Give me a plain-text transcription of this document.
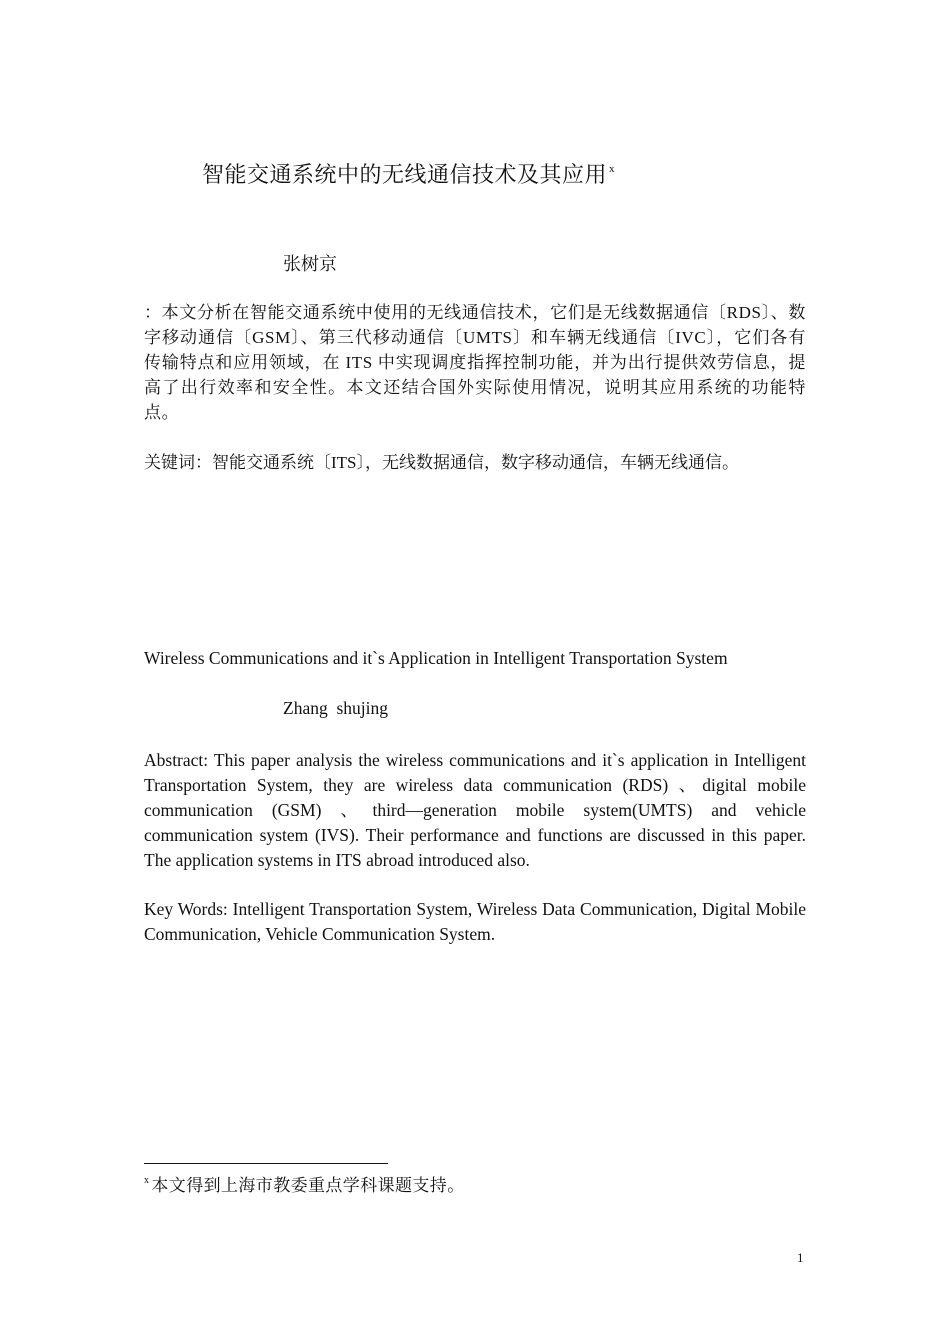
智能交通系统中的无线通信技术及其应用 $^x$
张树京
：本文分析在智能交通系统中使用的无线通信技术，它们是无线数据通信〔RDS〕、数字移动通信〔GSM〕、第三代移动通信〔UMTS〕和车辆无线通信〔IVC〕，它们各有传输特点和应用领域，在 ITS 中实现调度指挥控制功能，并为出行提供效劳信息，提高了出行效率和安全性。本文还结合国外实际使用情况，说明其应用系统的功能特点。
关键词：智能交通系统〔ITS〕，无线数据通信，数字移动通信，车辆无线通信。
Wireless Communications and it`s Application in Intelligent Transportation System
Zhang  shujing
Abstract: This paper analysis the wireless communications and it`s application in Intelligent Transportation System, they are wireless data communication (RDS) 、digital mobile communication (GSM) 、third—generation mobile system(UMTS) and vehicle communication system (IVS). Their performance and functions are discussed in this paper. The application systems in ITS abroad introduced also.
Key Words: Intelligent Transportation System, Wireless Data Communication, Digital Mobile Communication, Vehicle Communication System.
$^x$ 本文得到上海市教委重点学科课题支持。
1
